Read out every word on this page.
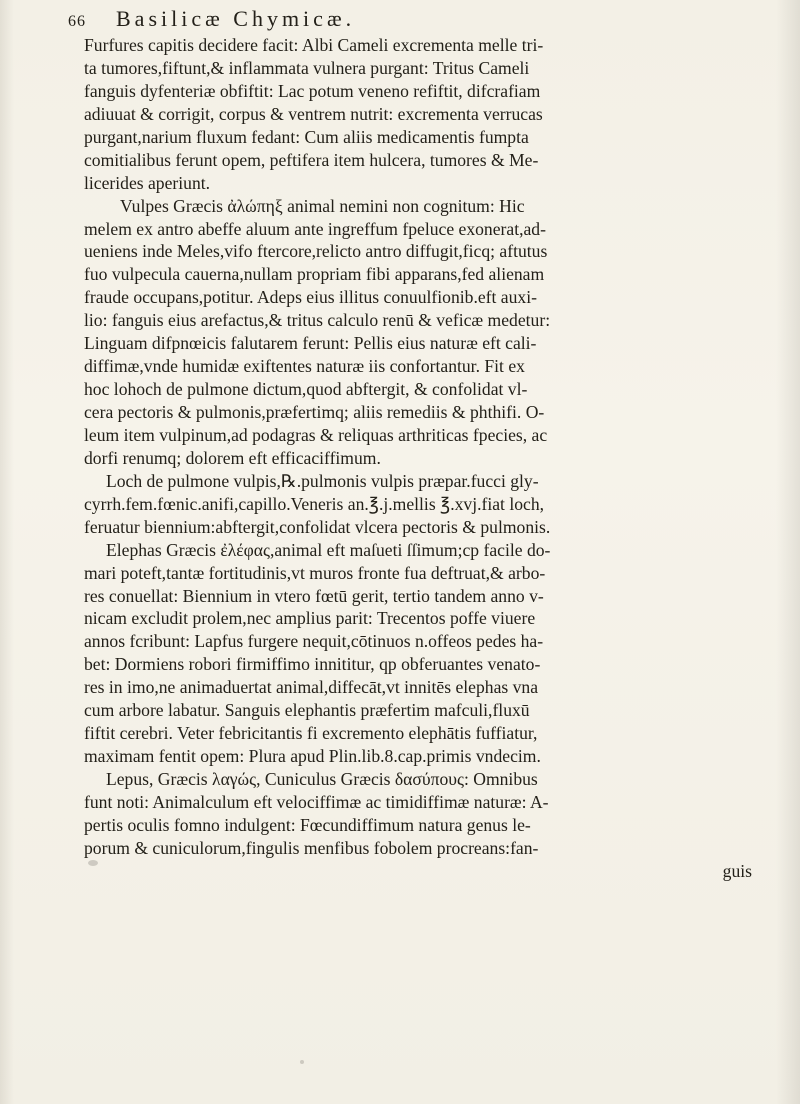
66 Basilicæ Chymicæ.
Furfures capitis decidere facit: Albi Cameli excrementa melle tri-
ta tumores,fiftunt,& inflammata vulnera purgant: Tritus Cameli
fanguis dyfenteriæ obfiftit: Lac potum veneno refiftit, difcrafiam
adiuuat & corrigit, corpus & ventrem nutrit: excrementa verrucas
purgant,narium fluxum fedant: Cum aliis medicamentis fumpta
comitialibus ferunt opem, peftifera item hulcera, tumores & Me-
licerides aperiunt.
Vulpes Græcis ἀλώπηξ animal nemini non cognitum: Hic
melem ex antro abeffe aluum ante ingreffum fpeluce exonerat,ad-
ueniens inde Meles,vifo ftercore,relicto antro diffugit,ficq; aftutus
fuo vulpecula cauerna,nullam propriam fibi apparans,fed alienam
fraude occupans,potitur. Adeps eius illitus conuulfionib.eft auxi-
lio: fanguis eius arefactus,& tritus calculo renū & veficæ medetur:
Linguam difpnœicis falutarem ferunt: Pellis eius naturæ eft cali-
diffimæ,vnde humidæ exiftentes naturæ iis confortantur. Fit ex
hoc lohoch de pulmone dictum,quod abftergit, & confolidat vl-
cera pectoris & pulmonis,præfertimq; aliis remediis & phthifi. O-
leum item vulpinum,ad podagras & reliquas arthriticas fpecies, ac
dorfi renumq; dolorem eft efficaciffimum.
Loch de pulmone vulpis,℞.pulmonis vulpis præpar.fucci gly-
cyrrh.fem.fœnic.anifi,capillo.Veneris an.℥.j.mellis ℥.xvj.fiat loch,
feruatur biennium:abftergit,confolidat vlcera pectoris & pulmonis.
Elephas Græcis ἐλέφας,animal eft maſueti ſſimum;cp facile do-
mari poteft,tantæ fortitudinis,vt muros fronte fua deftruat,& arbo-
res conuellat: Biennium in vtero fœtū gerit, tertio tandem anno v-
nicam excludit prolem,nec amplius parit: Trecentos poffe viuere
annos fcribunt: Lapfus furgere nequit,cōtinuos n.offeos pedes ha-
bet: Dormiens robori firmiffimo innititur, qp obferuantes venato-
res in imo,ne animaduertat animal,diffecāt,vt innitēs elephas vna
cum arbore labatur. Sanguis elephantis præfertim mafculi,fluxū
fiftit cerebri. Veter febricitantis fi excremento elephātis fuffiatur,
maximam fentit opem: Plura apud Plin.lib.8.cap.primis vndecim.
Lepus, Græcis λαγώς, Cuniculus Græcis δασύπους: Omnibus
funt noti: Animalculum eft velociffimæ ac timidiffimæ naturæ: A-
pertis oculis fomno indulgent: Fœcundiffimum natura genus le-
porum & cuniculorum,fingulis menfibus fobolem procreans:fan-
guis
